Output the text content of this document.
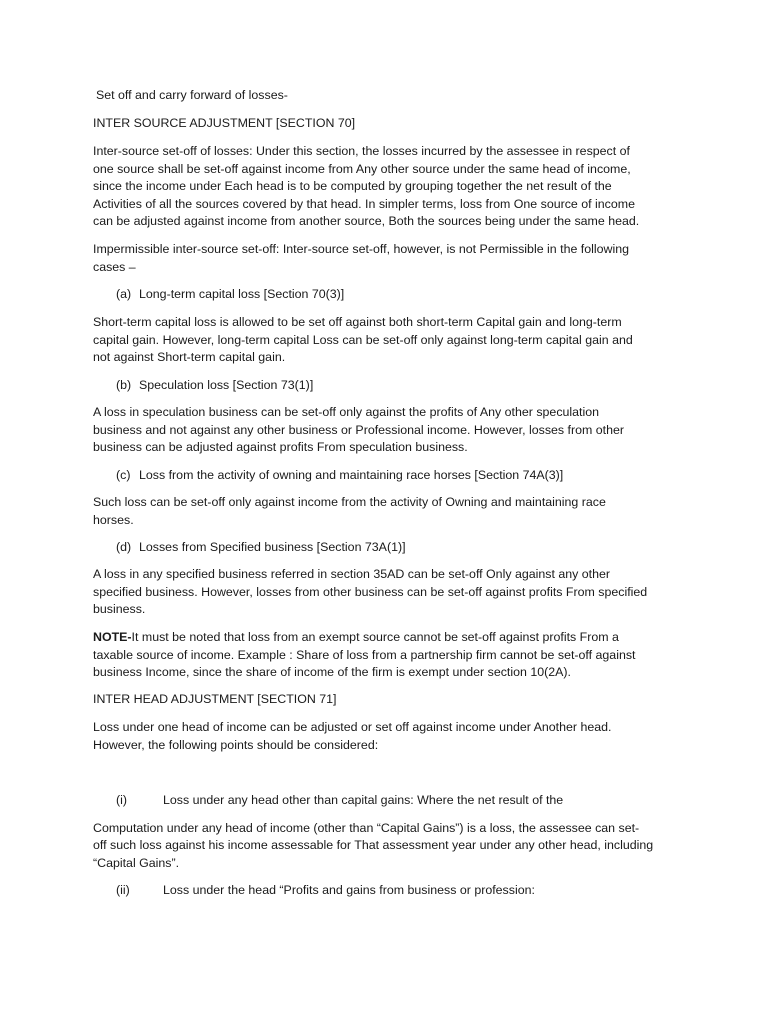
Set off and carry forward of losses-

INTER SOURCE ADJUSTMENT [SECTION 70]

Inter-source set-off of losses: Under this section, the losses incurred by the assessee in respect of

one source shall be set-off against income from Any other source under the same head of income,

since the income under Each head is to be computed by grouping together the net result of the

Activities of all the sources covered by that head. In simpler terms, loss from One source of income

can be adjusted against income from another source, Both the sources being under the same head.

Impermissible inter-source set-off: Inter-source set-off, however, is not Permissible in the following

cases –

(a) Long-term capital loss [Section 70(3)]

Short-term capital loss is allowed to be set off against both short-term Capital gain and long-term

capital gain. However, long-term capital Loss can be set-off only against long-term capital gain and

not against Short-term capital gain.

(b) Speculation loss [Section 73(1)]

A loss in speculation business can be set-off only against the profits of Any other speculation

business and not against any other business or Professional income. However, losses from other

business can be adjusted against profits From speculation business.

(c) Loss from the activity of owning and maintaining race horses [Section 74A(3)]

Such loss can be set-off only against income from the activity of Owning and maintaining race

horses.

(d) Losses from Specified business [Section 73A(1)]

A loss in any specified business referred in section 35AD can be set-off Only against any other

specified business. However, losses from other business can be set-off against profits From specified

business.

NOTE-It must be noted that loss from an exempt source cannot be set-off against profits From a

taxable source of income. Example : Share of loss from a partnership firm cannot be set-off against

business Income, since the share of income of the firm is exempt under section 10(2A).

INTER HEAD ADJUSTMENT [SECTION 71]

Loss under one head of income can be adjusted or set off against income under Another head.

However, the following points should be considered:

(i)	Loss under any head other than capital gains: Where the net result of the

Computation under any head of income (other than “Capital Gains”) is a loss, the assessee can set-

off such loss against his income assessable for That assessment year under any other head, including

“Capital Gains”.

(ii)	Loss under the head “Profits and gains from business or profession:
